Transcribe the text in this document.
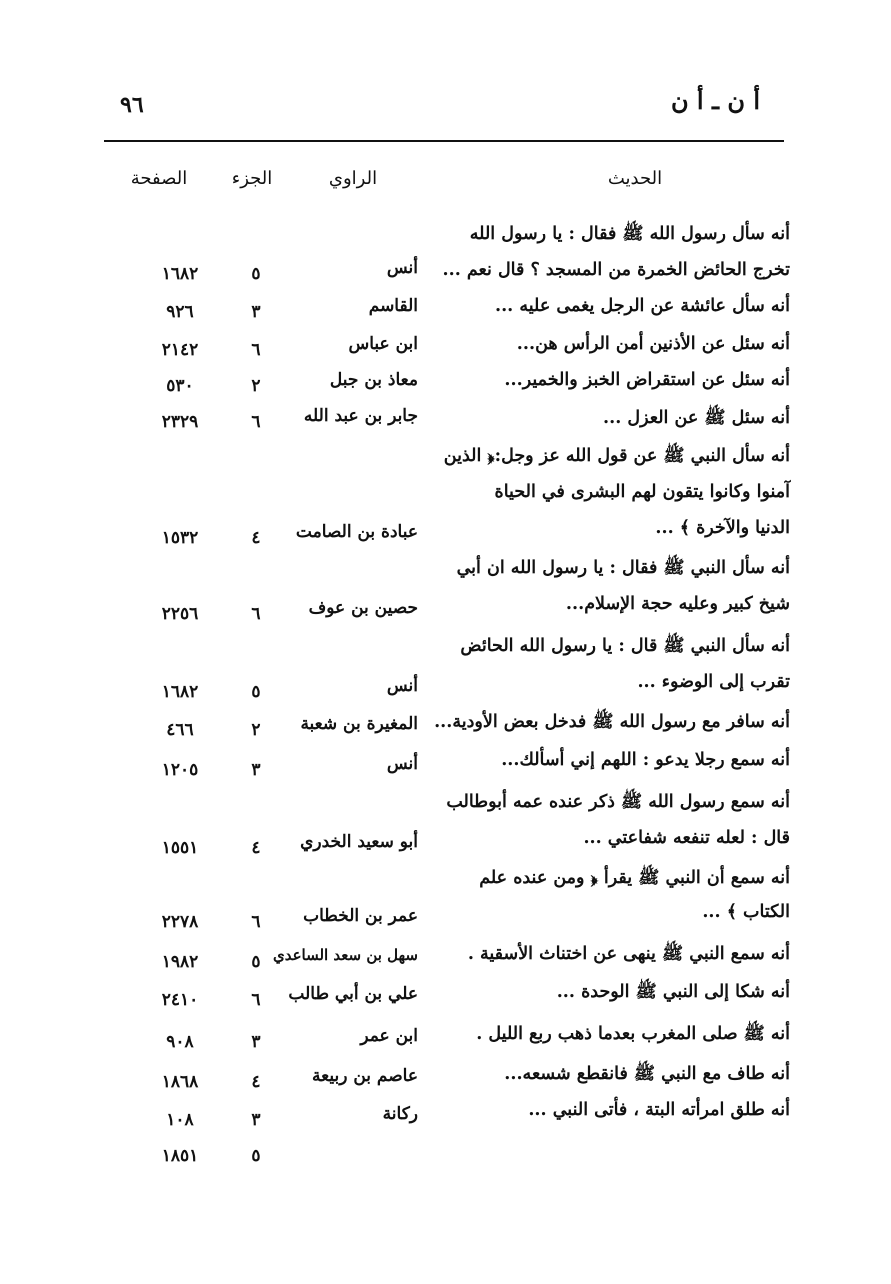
أ ن ـ أ ن
٩٦
الحديث
الراوي
الجزء
الصفحة
أنه سأل رسول الله ﷺ فقال : يا رسول الله
تخرج الحائض الخمرة من المسجد ؟ قال نعم ...
أنه سأل عائشة عن الرجل يغمى عليه ...
أنه سئل عن الأذنين أمن الرأس هن...
أنه سئل عن استقراض الخبز والخمير...
أنه سئل ﷺ عن العزل ...
أنه سأل النبي ﷺ عن قول الله عز وجل:﴿ الذين
آمنوا وكانوا يتقون لهم البشرى في الحياة
الدنيا والآخرة ﴾ ...
أنه سأل النبي ﷺ فقال : يا رسول الله ان أبي
شيخ كبير وعليه حجة الإسلام...
أنه سأل النبي ﷺ قال : يا رسول الله الحائض
تقرب إلى الوضوء ...
أنه سافر مع رسول الله ﷺ فدخل بعض الأودية...
أنه سمع رجلا يدعو : اللهم إني أسألك...
أنه سمع رسول الله ﷺ ذكر عنده عمه أبوطالب
قال : لعله تنفعه شفاعتي ...
أنه سمع أن النبي ﷺ يقرأ ﴿ ومن عنده علم
الكتاب ﴾ ...
أنه سمع النبي ﷺ ينهى عن اختناث الأسقية .
أنه شكا إلى النبي ﷺ الوحدة ...
أنه ﷺ صلى المغرب بعدما ذهب ربع الليل .
أنه طاف مع النبي ﷺ فانقطع شسعه...
أنه طلق امرأته البتة ، فأتى النبي ...
أنس
٥
١٦٨٢
القاسم
٣
٩٢٦
ابن عباس
٦
٢١٤٢
معاذ بن جبل
٢
٥٣٠
جابر بن عبد الله
٦
٢٣٢٩
عبادة بن الصامت
٤
١٥٣٢
حصين بن عوف
٦
٢٢٥٦
أنس
٥
١٦٨٢
المغيرة بن شعبة
٢
٤٦٦
أنس
٣
١٢٠٥
أبو سعيد الخدري
٤
١٥٥١
عمر بن الخطاب
٦
٢٢٧٨
سهل بن سعد الساعدي
٥
١٩٨٢
علي بن أبي طالب
٦
٢٤١٠
ابن عمر
٣
٩٠٨
عاصم بن ربيعة
٤
١٨٦٨
ركانة
٣
١٠٨
٥
١٨٥١
